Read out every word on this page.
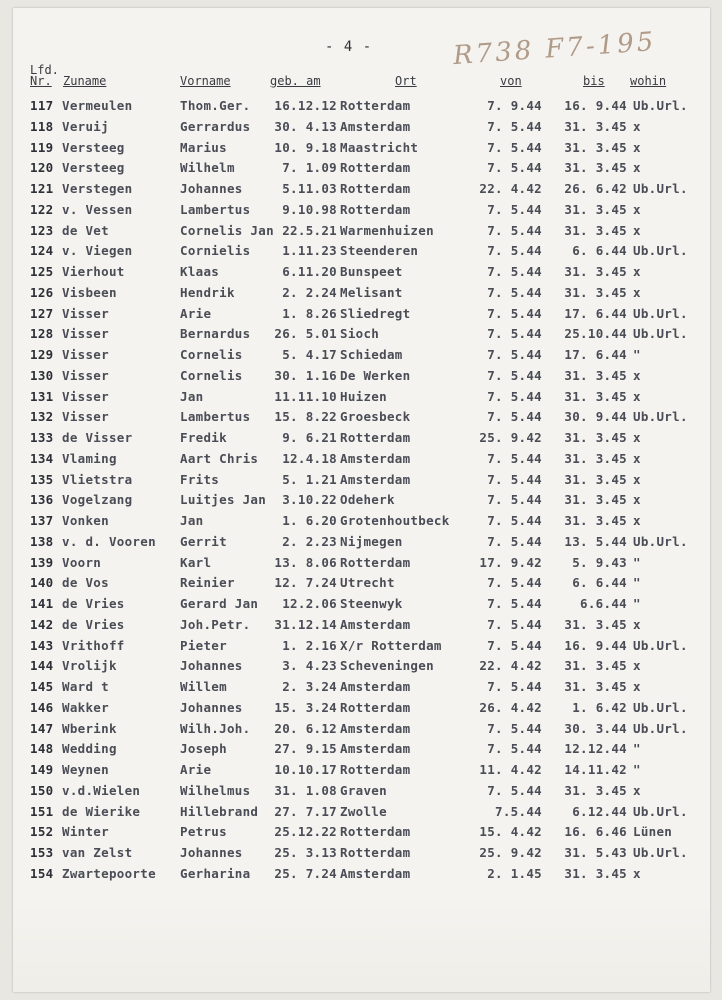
- 4 -	R738 F7-195
Lfd.
Nr. Zuname	Vorname	geb. am	Ort	von	bis wohin
117 Vermeulen	Thom.Ger.	16.12.12 Rotterdam	7. 9.44	16. 9.44 Ub.Url.
118 Veruij	Gerrardus	30. 4.13 Amsterdam	7. 5.44	31. 3.45 x
119 Versteeg	Marius	10. 9.18 Maastricht	7. 5.44	31. 3.45 x
120 Versteeg	Wilhelm	7. 1.09 Rotterdam	7. 5.44	31. 3.45 x
121 Verstegen	Johannes	5.11.03 Rotterdam	22. 4.42	26. 6.42 Ub.Url.
122 v. Vessen	Lambertus	9.10.98 Rotterdam	7. 5.44	31. 3.45 x
123 de Vet	Cornelis Jan 22.5.21 Warmenhuizen	7. 5.44	31. 3.45 x
124 v. Viegen	Cornielis	1.11.23 Steenderen	7. 5.44	6. 6.44 Ub.Url.
125 Vierhout	Klaas	6.11.20 Bunspeet	7. 5.44	31. 3.45 x
126 Visbeen	Hendrik	2. 2.24 Melisant	7. 5.44	31. 3.45 x
127 Visser	Arie	1. 8.26 Sliedregt	7. 5.44	17. 6.44 Ub.Url.
128 Visser	Bernardus	26. 5.01 Sioch	7. 5.44	25.10.44 Ub.Url.
129 Visser	Cornelis	5. 4.17 Schiedam	7. 5.44	17. 6.44 "
130 Visser	Cornelis	30. 1.16 De Werken	7. 5.44	31. 3.45 x
131 Visser	Jan	11.11.10 Huizen	7. 5.44	31. 3.45 x
132 Visser	Lambertus	15. 8.22 Groesbeck	7. 5.44	30. 9.44 Ub.Url.
133 de Visser	Fredik	9. 6.21 Rotterdam	25. 9.42	31. 3.45 x
134 Vlaming	Aart Chris	12.4.18 Amsterdam	7. 5.44	31. 3.45 x
135 Vlietstra	Frits	5. 1.21 Amsterdam	7. 5.44	31. 3.45 x
136 Vogelzang	Luitjes Jan	3.10.22 Odeherk	7. 5.44	31. 3.45 x
137 Vonken	Jan	1. 6.20 Grotenhoutbeck	7. 5.44	31. 3.45 x
138 v. d. Vooren Gerrit	2. 2.23 Nijmegen	7. 5.44	13. 5.44 Ub.Url.
139 Voorn	Karl	13. 8.06 Rotterdam	17. 9.42	5. 9.43 "
140 de Vos	Reinier	12. 7.24 Utrecht	7. 5.44	6. 6.44 "
141 de Vries	Gerard Jan	12.2.06 Steenwyk	7. 5.44	6.6.44 "
142 de Vries	Joh.Petr.	31.12.14 Amsterdam	7. 5.44	31. 3.45 x
143 Vrithoff	Pieter	1. 2.16 X/r Rotterdam	7. 5.44	16. 9.44 Ub.Url.
144 Vrolijk	Johannes	3. 4.23 Scheveningen	22. 4.42	31. 3.45 x
145 Ward t	Willem	2. 3.24 Amsterdam	7. 5.44	31. 3.45 x
146 Wakker	Johannes	15. 3.24 Rotterdam	26. 4.42	1. 6.42 Ub.Url.
147 Wberink	Wilh.Joh.	20. 6.12 Amsterdam	7. 5.44	30. 3.44 Ub.Url.
148 Wedding	Joseph	27. 9.15 Amsterdam	7. 5.44	12.12.44 "
149 Weynen	Arie	10.10.17 Rotterdam	11. 4.42	14.11.42 "
150 v.d.Wielen	Wilhelmus	31. 1.08 Graven	7. 5.44	31. 3.45 x
151 de Wierike	Hillebrand	27. 7.17 Zwolle	7.5.44	6.12.44 Ub.Url.
152 Winter	Petrus	25.12.22 Rotterdam	15. 4.42	16. 6.46 Lünen
153 van Zelst	Johannes	25. 3.13 Rotterdam	25. 9.42	31. 5.43 Ub.Url.
154 Zwartepoorte Gerharina	25. 7.24 Amsterdam	2. 1.45	31. 3.45 x
